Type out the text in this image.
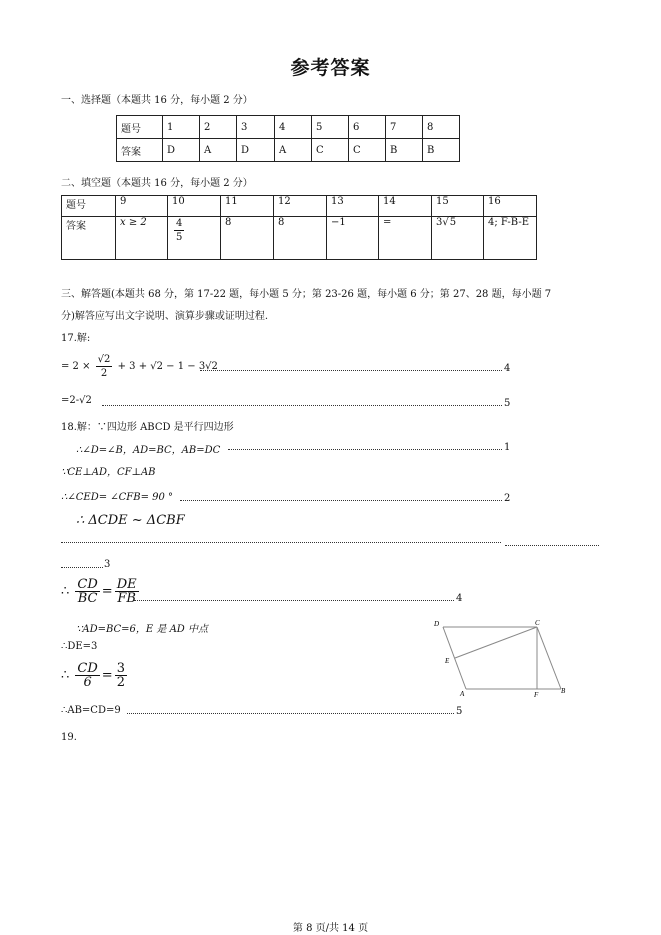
参考答案
一、选择题（本题共 16 分，每小题 2 分）
题号	1	2	3	4	5	6	7	8
答案	D	A	D	A	C	C	B	B
二、填空题（本题共 16 分，每小题 2 分）
题号	9	10	11	12	13	14	15	16
答案	x ≥ 2	$\frac{4}{5}$	8	8	−1	=	3√5	4; F-B-E
三、解答题(本题共 68 分，第 17-22 题，每小题 5 分；第 23-26 题，每小题 6 分；第 27、28 题，每小题 7
分)解答应写出文字说明、演算步骤或证明过程.
17.解:
= $2 \times \frac{√2}{2} + 3 + √2 - 1 - 3√2$	4
=2-√2	5
18.解：∵四边形 ABCD 是平行四边形
∴∠D=∠B，AD=BC，AB=DC	1
∵CE⊥AD，CF⊥AB
∴∠CED= ∠CFB= 90 °	2
∴ ΔCDE ~ ΔCBF
3
∴ $\frac{CD}{BC} = \frac{DE}{FB}$	4
∵AD=BC=6，E 是 AD 中点
∴DE=3
∴ $\frac{CD}{6} = \frac{3}{2}$
∴AB=CD=9	5
D	C
E
A	F	B
19.
第 8 页/共 14 页
